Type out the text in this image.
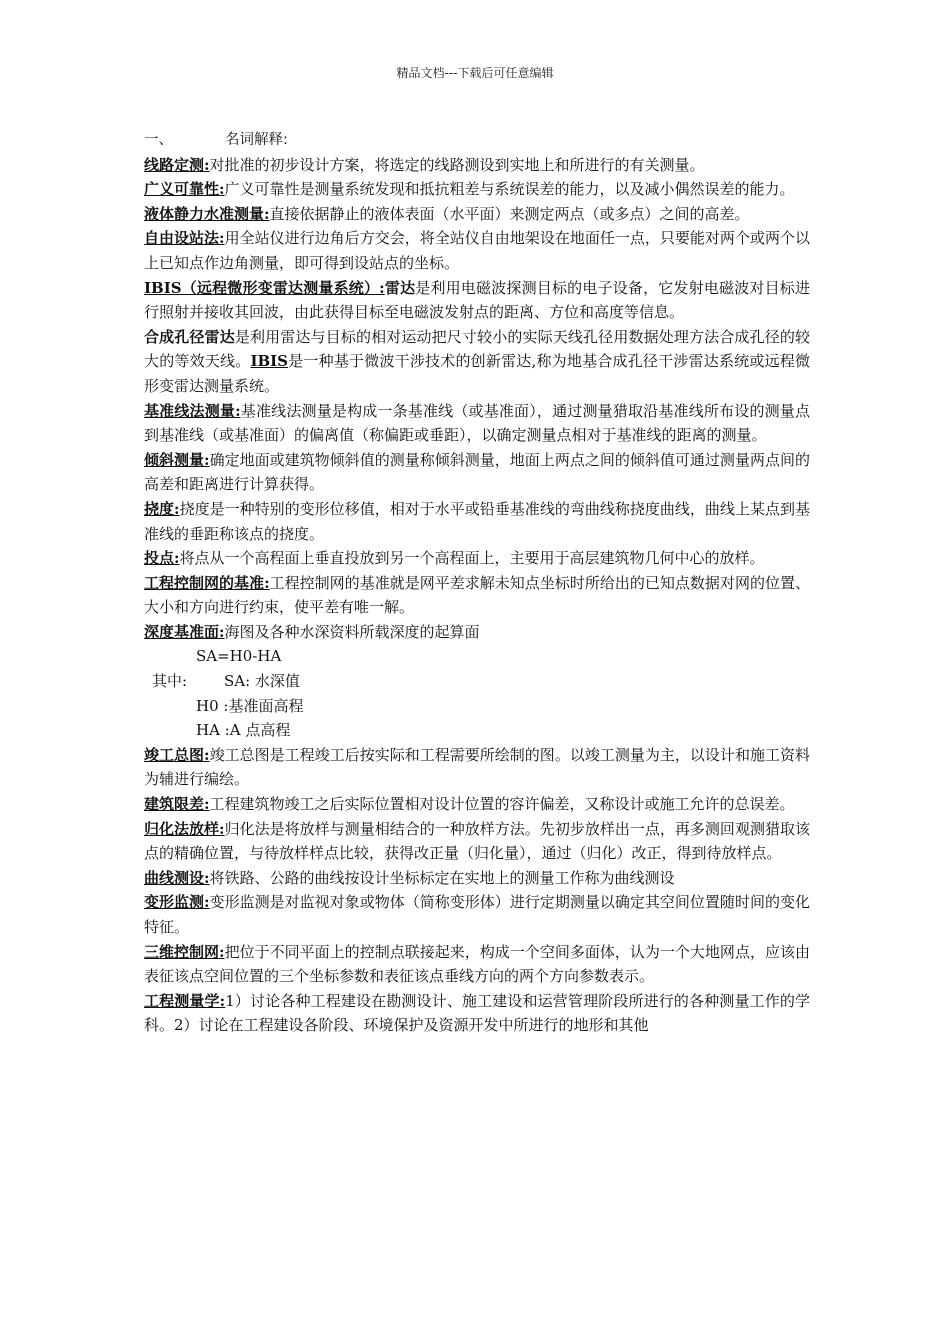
精品文档---下载后可任意编辑

一、	名词解释:

线路定测:对批准的初步设计方案，将选定的线路测设到实地上和所进行的有关测量。

广义可靠性:广义可靠性是测量系统发现和抵抗粗差与系统误差的能力，以及减小偶然误差的能力。

液体静力水准测量:直接依据静止的液体表面（水平面）来测定两点（或多点）之间的高差。

自由设站法:用全站仪进行边角后方交会，将全站仪自由地架设在地面任一点，只要能对两个或两个以上已知点作边角测量，即可得到设站点的坐标。

IBIS（远程微形变雷达测量系统）:雷达是利用电磁波探测目标的电子设备，它发射电磁波对目标进行照射并接收其回波，由此获得目标至电磁波发射点的距离、方位和高度等信息。

合成孔径雷达是利用雷达与目标的相对运动把尺寸较小的实际天线孔径用数据处理方法合成孔径的较大的等效天线。IBIS是一种基于微波干涉技术的创新雷达,称为地基合成孔径干涉雷达系统或远程微形变雷达测量系统。

基准线法测量:基准线法测量是构成一条基准线（或基准面），通过测量猎取沿基准线所布设的测量点到基准线（或基准面）的偏离值（称偏距或垂距），以确定测量点相对于基准线的距离的测量。

倾斜测量:确定地面或建筑物倾斜值的测量称倾斜测量，地面上两点之间的倾斜值可通过测量两点间的高差和距离进行计算获得。

挠度:挠度是一种特别的变形位移值，相对于水平或铅垂基准线的弯曲线称挠度曲线，曲线上某点到基准线的垂距称该点的挠度。

投点:将点从一个高程面上垂直投放到另一个高程面上，主要用于高层建筑物几何中心的放样。

工程控制网的基准:工程控制网的基准就是网平差求解未知点坐标时所给出的已知点数据对网的位置、大小和方向进行约束，使平差有唯一解。

深度基准面:海图及各种水深资料所载深度的起算面

SA=H0-HA

其中: SA: 水深值

H0 :基准面高程

HA :A 点高程

竣工总图:竣工总图是工程竣工后按实际和工程需要所绘制的图。以竣工测量为主，以设计和施工资料为辅进行编绘。

建筑限差:工程建筑物竣工之后实际位置相对设计位置的容许偏差，又称设计或施工允许的总误差。

归化法放样:归化法是将放样与测量相结合的一种放样方法。先初步放样出一点，再多测回观测猎取该点的精确位置，与待放样样点比较，获得改正量（归化量），通过（归化）改正，得到待放样点。

曲线测设:将铁路、公路的曲线按设计坐标标定在实地上的测量工作称为曲线测设

变形监测:变形监测是对监视对象或物体（简称变形体）进行定期测量以确定其空间位置随时间的变化特征。

三维控制网:把位于不同平面上的控制点联接起来，构成一个空间多面体，认为一个大地网点，应该由表征该点空间位置的三个坐标参数和表征该点垂线方向的两个方向参数表示。

工程测量学:1）讨论各种工程建设在勘测设计、施工建设和运营管理阶段所进行的各种测量工作的学科。2）讨论在工程建设各阶段、环境保护及资源开发中所进行的地形和其他
